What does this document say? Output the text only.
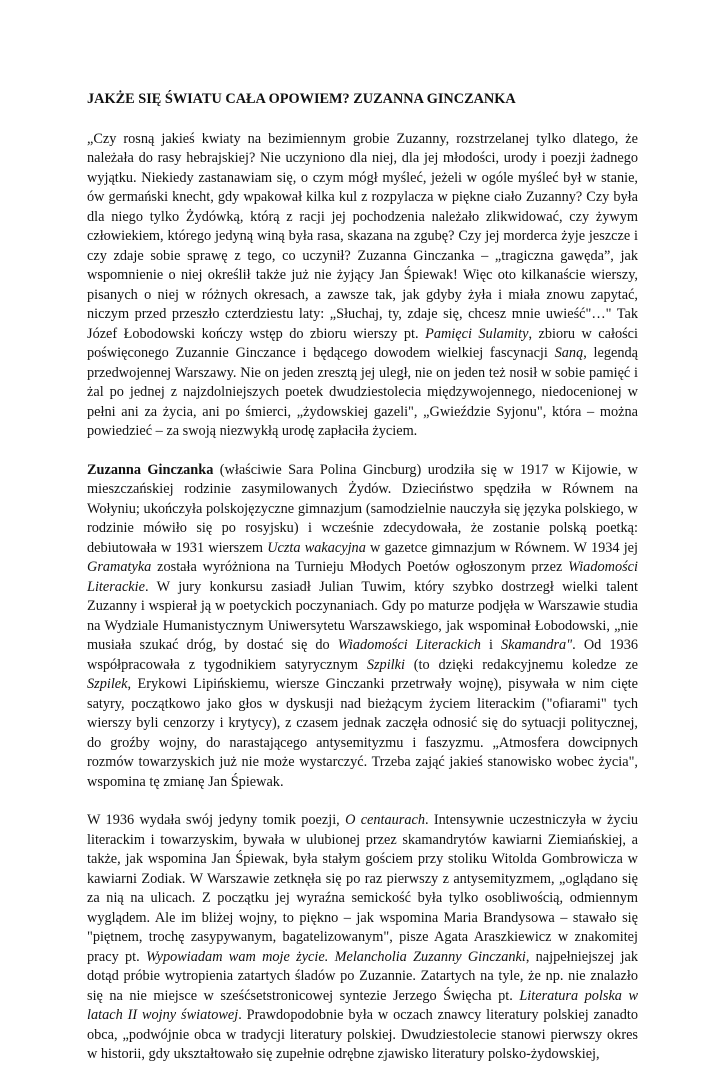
JAKŻE SIĘ ŚWIATU CAŁA OPOWIEM? ZUZANNA GINCZANKA

„Czy rosną jakieś kwiaty na bezimiennym grobie Zuzanny, rozstrzelanej tylko dlatego, że należała do rasy hebrajskiej? Nie uczyniono dla niej, dla jej młodości, urody i poezji żadnego wyjątku. Niekiedy zastanawiam się, o czym mógł myśleć, jeżeli w ogóle myśleć był w stanie, ów germański knecht, gdy wpakował kilka kul z rozpylacza w piękne ciało Zuzanny? Czy była dla niego tylko Żydówką, którą z racji jej pochodzenia należało zlikwidować, czy żywym człowiekiem, którego jedyną winą była rasa, skazana na zgubę? Czy jej morderca żyje jeszcze i czy zdaje sobie sprawę z tego, co uczynił? Zuzanna Ginczanka – „tragiczna gawęda”, jak wspomnienie o niej określił także już nie żyjący Jan Śpiewak! Więc oto kilkanaście wierszy, pisanych o niej w różnych okresach, a zawsze tak, jak gdyby żyła i miała znowu zapytać, niczym przed przeszło czterdziestu laty: „Słuchaj, ty, zdaje się, chcesz mnie uwieść"…" Tak Józef Łobodowski kończy wstęp do zbioru wierszy pt. Pamięci Sulamity, zbioru w całości poświęconego Zuzannie Ginczance i będącego dowodem wielkiej fascynacji Saną, legendą przedwojennej Warszawy. Nie on jeden zresztą jej uległ, nie on jeden też nosił w sobie pamięć i żal po jednej z najzdolniejszych poetek dwudziestolecia międzywojennego, niedocenionej w pełni ani za życia, ani po śmierci, „żydowskiej gazeli", „Gwieździe Syjonu", która – można powiedzieć – za swoją niezwykłą urodę zapłaciła życiem.

Zuzanna Ginczanka (właściwie Sara Polina Gincburg) urodziła się w 1917 w Kijowie, w mieszczańskiej rodzinie zasymilowanych Żydów. Dzieciństwo spędziła w Równem na Wołyniu; ukończyła polskojęzyczne gimnazjum (samodzielnie nauczyła się języka polskiego, w rodzinie mówiło się po rosyjsku) i wcześnie zdecydowała, że zostanie polską poetką: debiutowała w 1931 wierszem Uczta wakacyjna w gazetce gimnazjum w Równem. W 1934 jej Gramatyka została wyróżniona na Turnieju Młodych Poetów ogłoszonym przez Wiadomości Literackie. W jury konkursu zasiadł Julian Tuwim, który szybko dostrzegł wielki talent Zuzanny i wspierał ją w poetyckich poczynaniach. Gdy po maturze podjęła w Warszawie studia na Wydziale Humanistycznym Uniwersytetu Warszawskiego, jak wspominał Łobodowski, „nie musiała szukać dróg, by dostać się do Wiadomości Literackich i Skamandra". Od 1936 współpracowała z tygodnikiem satyrycznym Szpilki (to dzięki redakcyjnemu koledze ze Szpilek, Erykowi Lipińskiemu, wiersze Ginczanki przetrwały wojnę), pisywała w nim cięte satyry, początkowo jako głos w dyskusji nad bieżącym życiem literackim ("ofiarami" tych wierszy byli cenzorzy i krytycy), z czasem jednak zaczęła odnosić się do sytuacji politycznej, do groźby wojny, do narastającego antysemityzmu i faszyzmu. „Atmosfera dowcipnych rozmów towarzyskich już nie może wystarczyć. Trzeba zająć jakieś stanowisko wobec życia", wspomina tę zmianę Jan Śpiewak.

W 1936 wydała swój jedyny tomik poezji, O centaurach. Intensywnie uczestniczyła w życiu literackim i towarzyskim, bywała w ulubionej przez skamandrytów kawiarni Ziemiańskiej, a także, jak wspomina Jan Śpiewak, była stałym gościem przy stoliku Witolda Gombrowicza w kawiarni Zodiak. W Warszawie zetknęła się po raz pierwszy z antysemityzmem, „oglądano się za nią na ulicach. Z początku jej wyraźna semickość była tylko osobliwością, odmiennym wyglądem. Ale im bliżej wojny, to piękno – jak wspomina Maria Brandysowa – stawało się "piętnem, trochę zasypywanym, bagatelizowanym", pisze Agata Araszkiewicz w znakomitej pracy pt. Wypowiadam wam moje życie. Melancholia Zuzanny Ginczanki, najpełniejszej jak dotąd próbie wytropienia zatartych śladów po Zuzannie. Zatartych na tyle, że np. nie znalazło się na nie miejsce w sześćsetstronicowej syntezie Jerzego Święcha pt. Literatura polska w latach II wojny światowej. Prawdopodobnie była w oczach znawcy literatury polskiej zanadto obca, „podwójnie obca w tradycji literatury polskiej. Dwudziestolecie stanowi pierwszy okres w historii, gdy ukształtowało się zupełnie odrębne zjawisko literatury polsko-żydowskiej,
